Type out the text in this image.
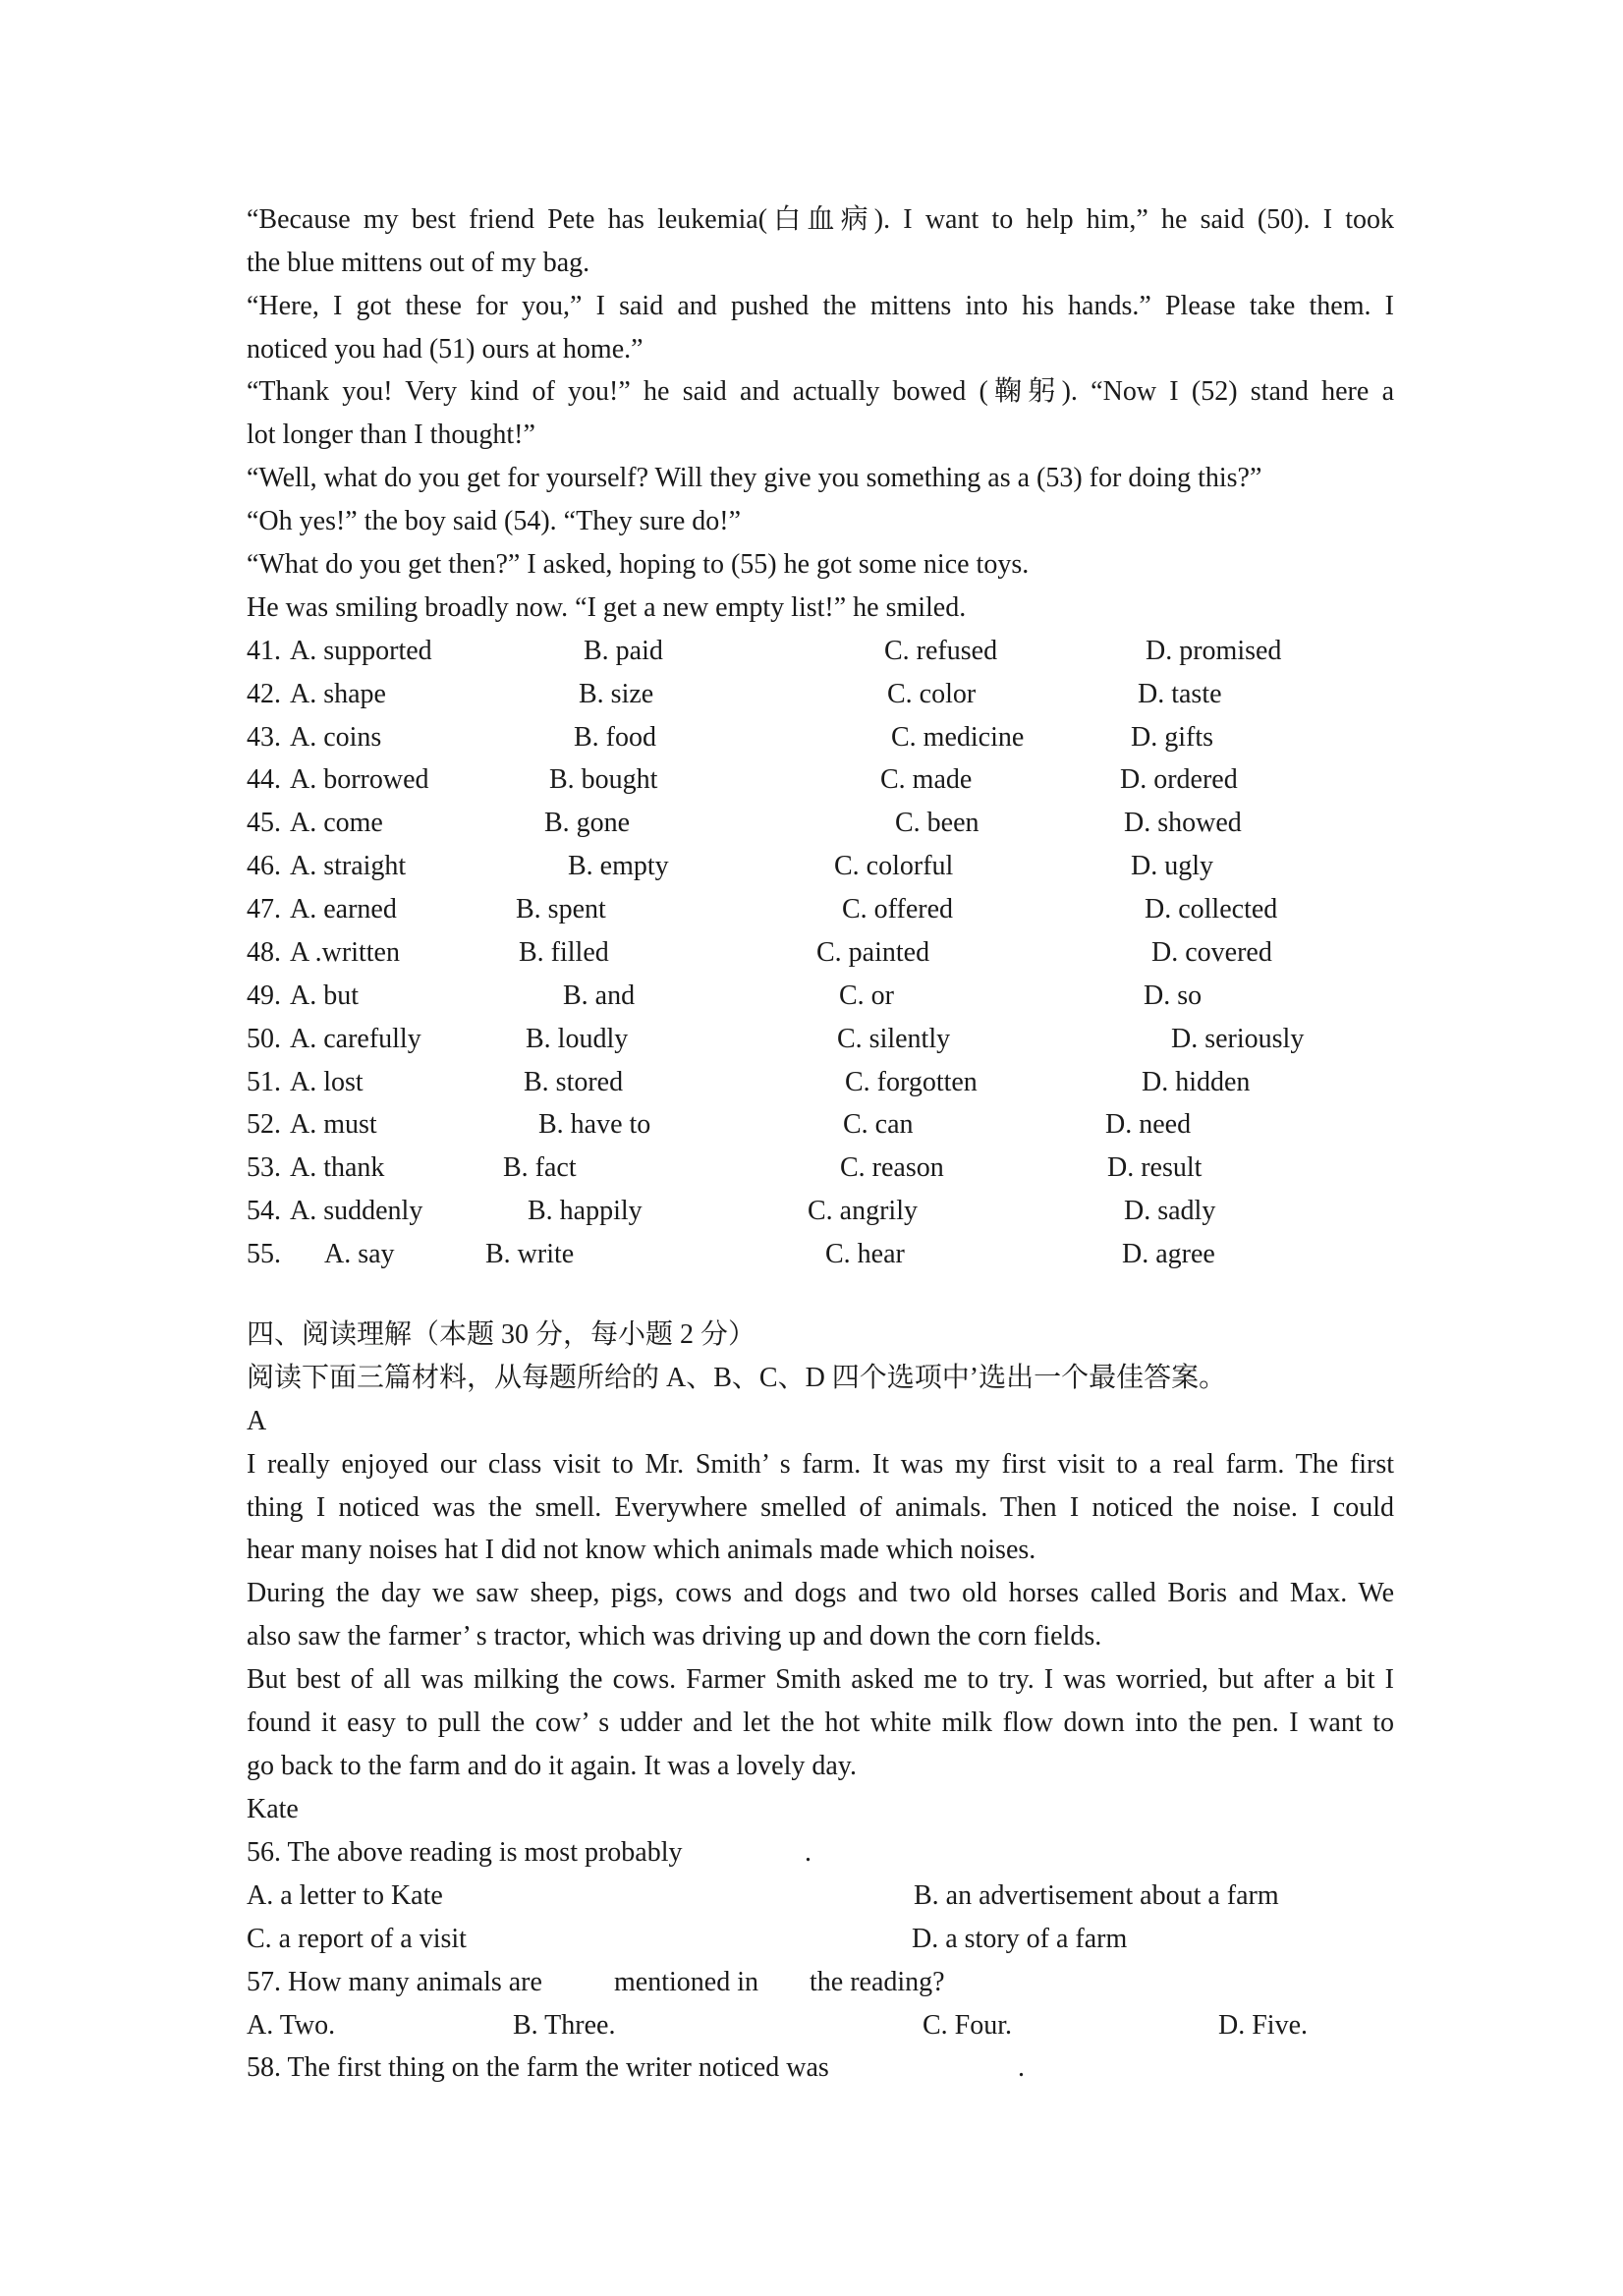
“Because my best friend Pete has leukemia(白血病). I want to help him,” he said (50). I took
the blue mittens out of my bag.
“Here, I got these for you,” I said and pushed the mittens into his hands.” Please take them. I
noticed you had (51) ours at home.”
“Thank you! Very kind of you!” he said and actually bowed (鞠躬). “Now I (52) stand here a
lot longer than I thought!”
“Well, what do you get for yourself? Will they give you something as a (53) for doing this?”
“Oh yes!” the boy said (54). “They sure do!”
“What do you get then?” I asked, hoping to (55) he got some nice toys.
He was smiling broadly now. “I get a new empty list!” he smiled.
41. A. supported	B. paid	C. refused	D. promised
42. A. shape	B. size	C. color	D. taste
43. A. coins	B. food	C. medicine	D. gifts
44. A. borrowed	B. bought	C. made	D. ordered
45. A. come	B. gone	C. been	D. showed
46. A. straight	B. empty	C. colorful	D. ugly
47. A. earned	B. spent	C. offered	D. collected
48. A .written	B. filled	C. painted	D. covered
49. A. but	B. and	C. or	D. so
50. A. carefully	B. loudly	C. silently	D. seriously
51. A. lost	B. stored	C. forgotten	D. hidden
52. A. must	B. have to	C. can	D. need
53. A. thank	B. fact	C. reason	D. result
54. A. suddenly	B. happily	C. angrily	D. sadly
55. A. say	B. write	C. hear	D. agree
四、阅读理解（本题 30 分，每小题 2 分）
阅读下面三篇材料，从每题所给的 A、B、C、D 四个选项中’选出一个最佳答案。
A
I really enjoyed our class visit to Mr. Smith’ s farm. It was my first visit to a real farm. The first
thing I noticed was the smell. Everywhere smelled of animals. Then I noticed the noise. I could
hear many noises hat I did not know which animals made which noises.
During the day we saw sheep, pigs, cows and dogs and two old horses called Boris and Max. We
also saw the farmer’ s tractor, which was driving up and down the corn fields.
But best of all was milking the cows. Farmer Smith asked me to try. I was worried, but after a bit I
found it easy to pull the cow’ s udder and let the hot white milk flow down into the pen. I want to
go back to the farm and do it again. It was a lovely day.
Kate
56. The above reading is most probably	.
A. a letter to Kate	B. an advertisement about a farm
C. a report of a visit	D. a story of a farm
57. How many animals are	mentioned in the reading?
A. Two.	B. Three.	C. Four.	D. Five.
58. The first thing on the farm the writer noticed was	.
